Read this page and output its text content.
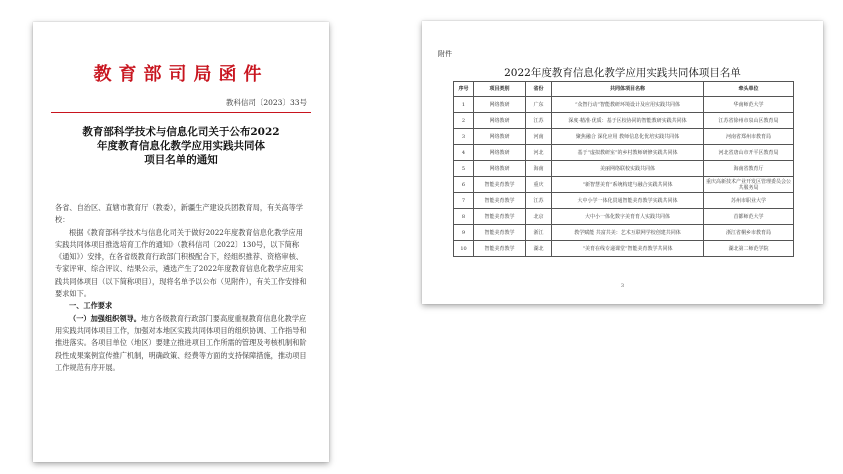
教育部司局函件
教科信司〔2023〕33号
教育部科学技术与信息化司关于公布2022
年度教育信息化教学应用实践共同体
项目名单的通知

各省、自治区、直辖市教育厅（教委），新疆生产建设兵团教育局，有关高等学校：

根据《教育部科学技术与信息化司关于做好2022年度教育信息化教学应用实践共同体项目推选培育工作的通知》（教科信司〔2022〕130号，以下简称《通知》）安排，在各省级教育行政部门积极配合下，经组织推荐、资格审核、专家评审、综合评议、结果公示，遴选产生了2022年度教育信息化教学应用实践共同体项目（以下简称项目），现将名单予以公布（见附件），有关工作安排和要求如下。

一、工作要求

（一）加强组织领导。地方各级教育行政部门要高度重视教育信息化教学应用实践共同体项目工作，加强对本地区实践共同体项目的组织协调、工作指导和推进落实。各项目单位（地区）要建立推进项目工作所需的管理及考核机制和阶段性成果案例宣传推广机制，明确政策、经费等方面的支持保障措施，推动项目工作规范有序开展。

附件
2022年度教育信息化教学应用实践共同体项目名单
序号	项目类别	省份	共同体项目名称	牵头单位
1	网络教研	广东	“众智行动”智能教研环境设计及应用实践共同体	华南师范大学
2	网络教研	江苏	深度·精准·优质：基于区校协同的智能教研实践共同体	江苏省徐州市泉山区教育局
3	网络教研	河南	聚焦融合 深化应用 教师信息化优培实践共同体	河南省郑州市教育局
4	网络教研	河北	基于“虚拟教研室”的乡村教师研修实践共同体	河北省唐山市开平区教育局
5	网络教研	海南	美丽网络联校实践共同体	海南省教育厅
6	智能美育教学	重庆	“新智慧美育”系统构建与融合实践共同体	重庆高新技术产业开发区管理委员会公共服务局
7	智能美育教学	江苏	大中小学一体化贯通智能美育教学实践共同体	苏州市职业大学
8	智能美育教学	北京	大中小一体化数字美育育人实践共同体	首都师范大学
9	智能美育教学	浙江	教学赋能 共富共美：艺术互联网学校创建共同体	浙江省桐乡市教育局
10	智能美育教学	湖北	“美育在线专递课堂”智能美育教学共同体	湖北第二师范学院
3
